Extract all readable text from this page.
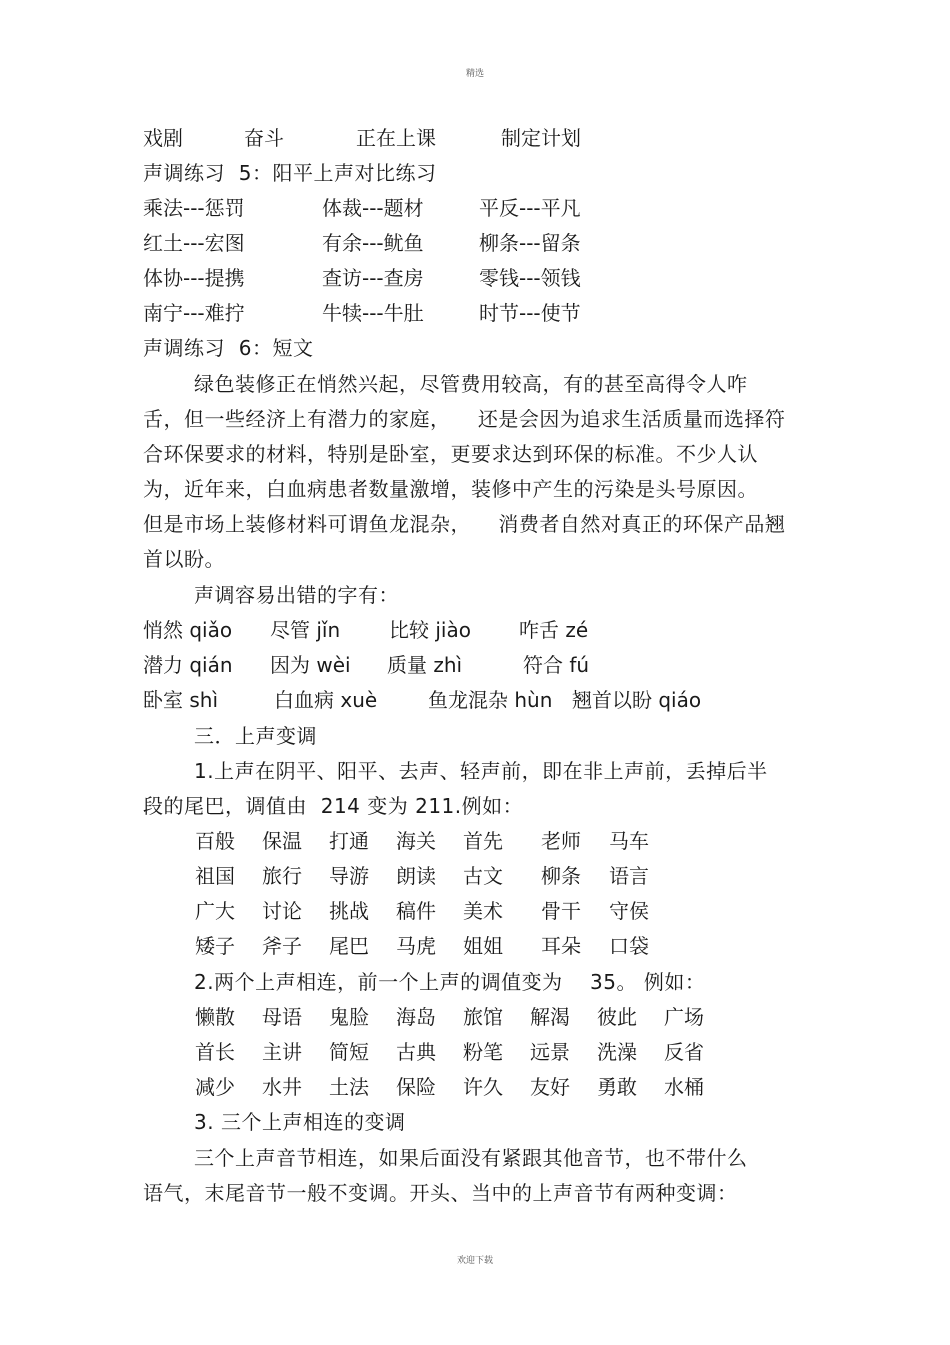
精选
戏剧	奋斗	正在上课	制定计划
声调练习  5：阳平上声对比练习
乘法---惩罚	体裁---题材	平反---平凡
红土---宏图	有余---鱿鱼	柳条---留条
体协---提携	查访---查房	零钱---领钱
南宁---难拧	牛犊---牛肚	时节---使节
声调练习  6：短文
绿色装修正在悄然兴起，尽管费用较高，有的甚至高得令人咋
舌，但一些经济上有潜力的家庭，    还是会因为追求生活质量而选择符
合环保要求的材料，特别是卧室，更要求达到环保的标准。不少人认
为，近年来，白血病患者数量激增，装修中产生的污染是头号原因。
但是市场上装修材料可谓鱼龙混杂，    消费者自然对真正的环保产品翘
首以盼。
声调容易出错的字有：
悄然 qiǎo 尽管 jǐn 比较 jiào 咋舌 zé
潜力 qián 因为 wèi 质量 zhì	符合 fú
卧室 shì	白血病 xuè	鱼龙混杂 hùn 翘首以盼 qiáo
三．上声变调
1.上声在阴平、阳平、去声、轻声前，即在非上声前，丢掉后半
段的尾巴，调值由  214 变为 211.例如：
百般 保温 打通 海关 首先 老师 马车
祖国 旅行 导游 朗读 古文 柳条 语言
广大 讨论 挑战 稿件 美术 骨干 守侯
矮子 斧子 尾巴 马虎 姐姐 耳朵 口袋
2.两个上声相连，前一个上声的调值变为    35。 例如：
懒散 母语 鬼脸 海岛 旅馆 解渴 彼此 广场
首长 主讲 简短 古典 粉笔 远景 洗澡 反省
减少 水井 土法 保险 许久 友好 勇敢 水桶
3. 三个上声相连的变调
三个上声音节相连，如果后面没有紧跟其他音节，也不带什么
语气，末尾音节一般不变调。开头、当中的上声音节有两种变调：
欢迎下载
